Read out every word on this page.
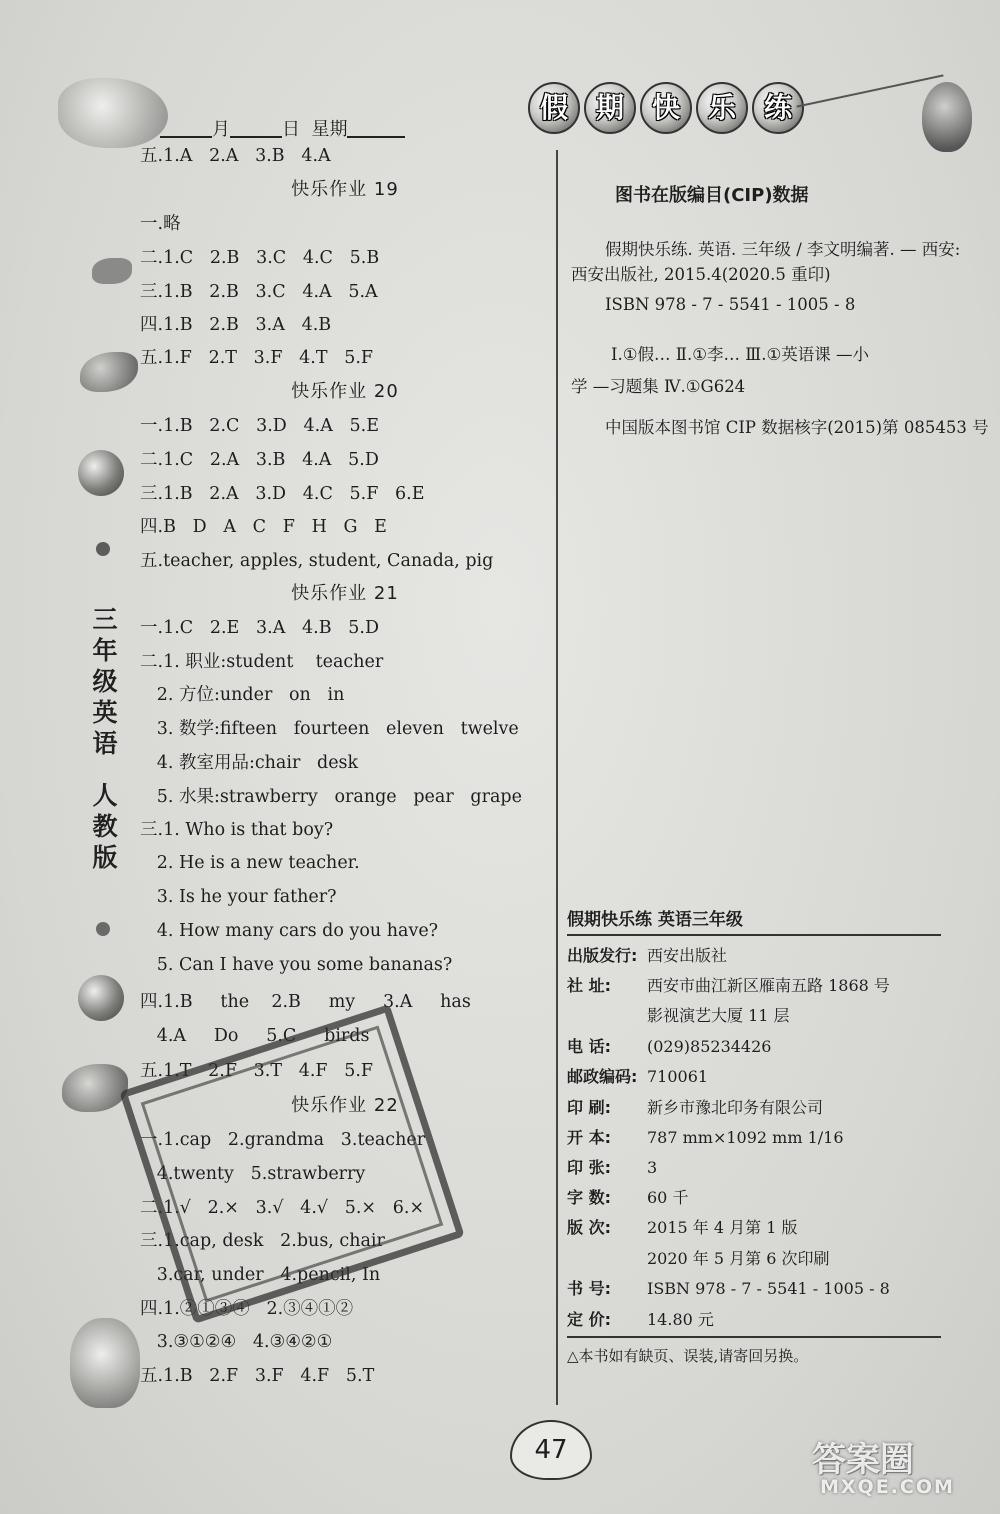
三
年
级
英
语
人
教
版
月	日 星期
假 期 快 乐 练
五.1.A   2.A   3.B   4.A
快乐作业 19
一.略
二.1.C   2.B   3.C   4.C   5.B
三.1.B   2.B   3.C   4.A   5.A
四.1.B   2.B   3.A   4.B
五.1.F   2.T   3.F   4.T   5.F
快乐作业 20
一.1.B   2.C   3.D   4.A   5.E
二.1.C   2.A   3.B   4.A   5.D
三.1.B   2.A   3.D   4.C   5.F   6.E
四.B   D   A   C   F   H   G   E
五.teacher, apples, student, Canada, pig
快乐作业 21
一.1.C   2.E   3.A   4.B   5.D
二.1. 职业:student    teacher
2. 方位:under   on   in
3. 数学:fifteen   fourteen   eleven   twelve
4. 教室用品:chair   desk
5. 水果:strawberry   orange   pear   grape
三.1. Who is that boy?
2. He is a new teacher.
3. Is he your father?
4. How many cars do you have?
5. Can I have you some bananas?
四.1.B     the    2.B     my     3.A     has
4.A     Do     5.C     birds
五.1.T   2.F   3.T   4.F   5.F
快乐作业 22
一.1.cap   2.grandma   3.teacher
4.twenty   5.strawberry
二.1.√   2.×   3.√   4.√   5.×   6.×
三.1.cap, desk   2.bus, chair
3.car, under   4.pencil, In
四.1.②①③④   2.③④①②
3.③①②④   4.③④②①
五.1.B   2.F   3.F   4.F   5.T
图书在版编目(CIP)数据
假期快乐练. 英语. 三年级 / 李文明编著. — 西安:
西安出版社, 2015.4(2020.5 重印)
ISBN 978 - 7 - 5541 - 1005 - 8
Ⅰ.①假… Ⅱ.①李… Ⅲ.①英语课 —小
学 —习题集 Ⅳ.①G624
中国版本图书馆 CIP 数据核字(2015)第 085453 号
假期快乐练 英语三年级
出版发行: 西安出版社
社 址: 西安市曲江新区雁南五路 1868 号
影视演艺大厦 11 层
电 话: (029)85234426
邮政编码: 710061
印 刷: 新乡市豫北印务有限公司
开 本: 787 mm×1092 mm 1/16
印 张: 3
字 数: 60 千
版 次: 2015 年 4 月第 1 版
2020 年 5 月第 6 次印刷
书 号: ISBN 978 - 7 - 5541 - 1005 - 8
定 价: 14.80 元
△本书如有缺页、误装,请寄回另换。
47	答案圈
MXQE.COM
